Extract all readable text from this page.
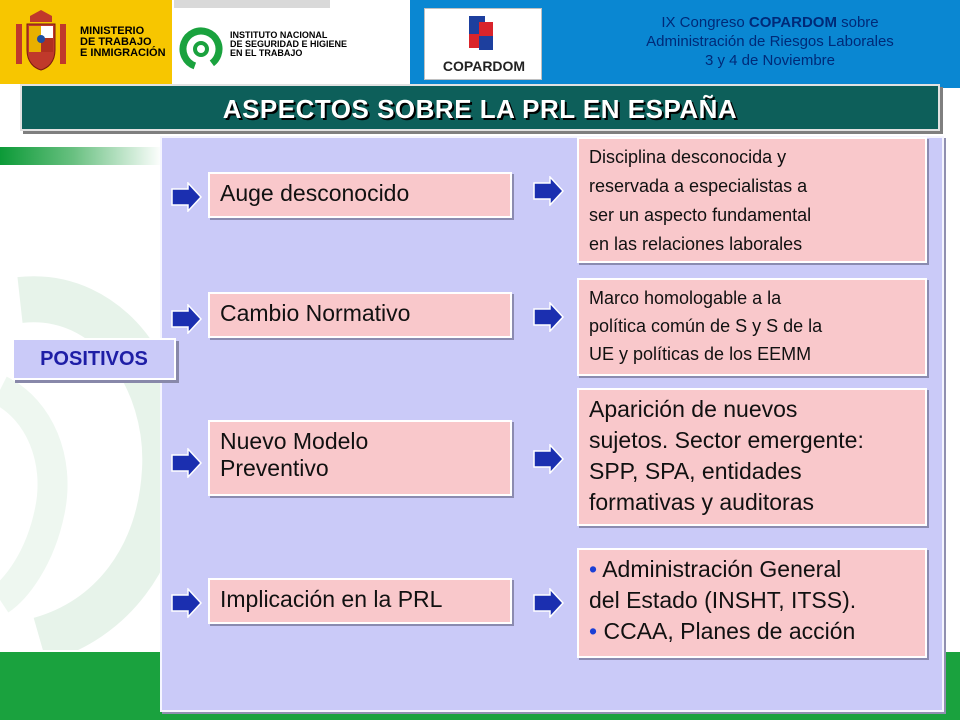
MINISTERIO
DE TRABAJO
E INMIGRACIÓN
INSTITUTO NACIONAL
DE SEGURIDAD E HIGIENE
EN EL TRABAJO
COPARDOM
IX Congreso COPARDOM sobre
Administración de Riesgos Laborales
3 y 4 de Noviembre
ASPECTOS SOBRE LA PRL EN ESPAÑA
POSITIVOS
Auge desconocido
Disciplina desconocida y
reservada a especialistas a
ser un aspecto fundamental
en las relaciones laborales
Cambio Normativo
Marco homologable a la
política común de S y S de la
UE y políticas de los EEMM
Nuevo Modelo
Preventivo
Aparición de nuevos
sujetos. Sector emergente:
SPP, SPA, entidades
formativas y auditoras
Implicación en la PRL
• Administración General
del Estado (INSHT, ITSS).
• CCAA, Planes de acción
